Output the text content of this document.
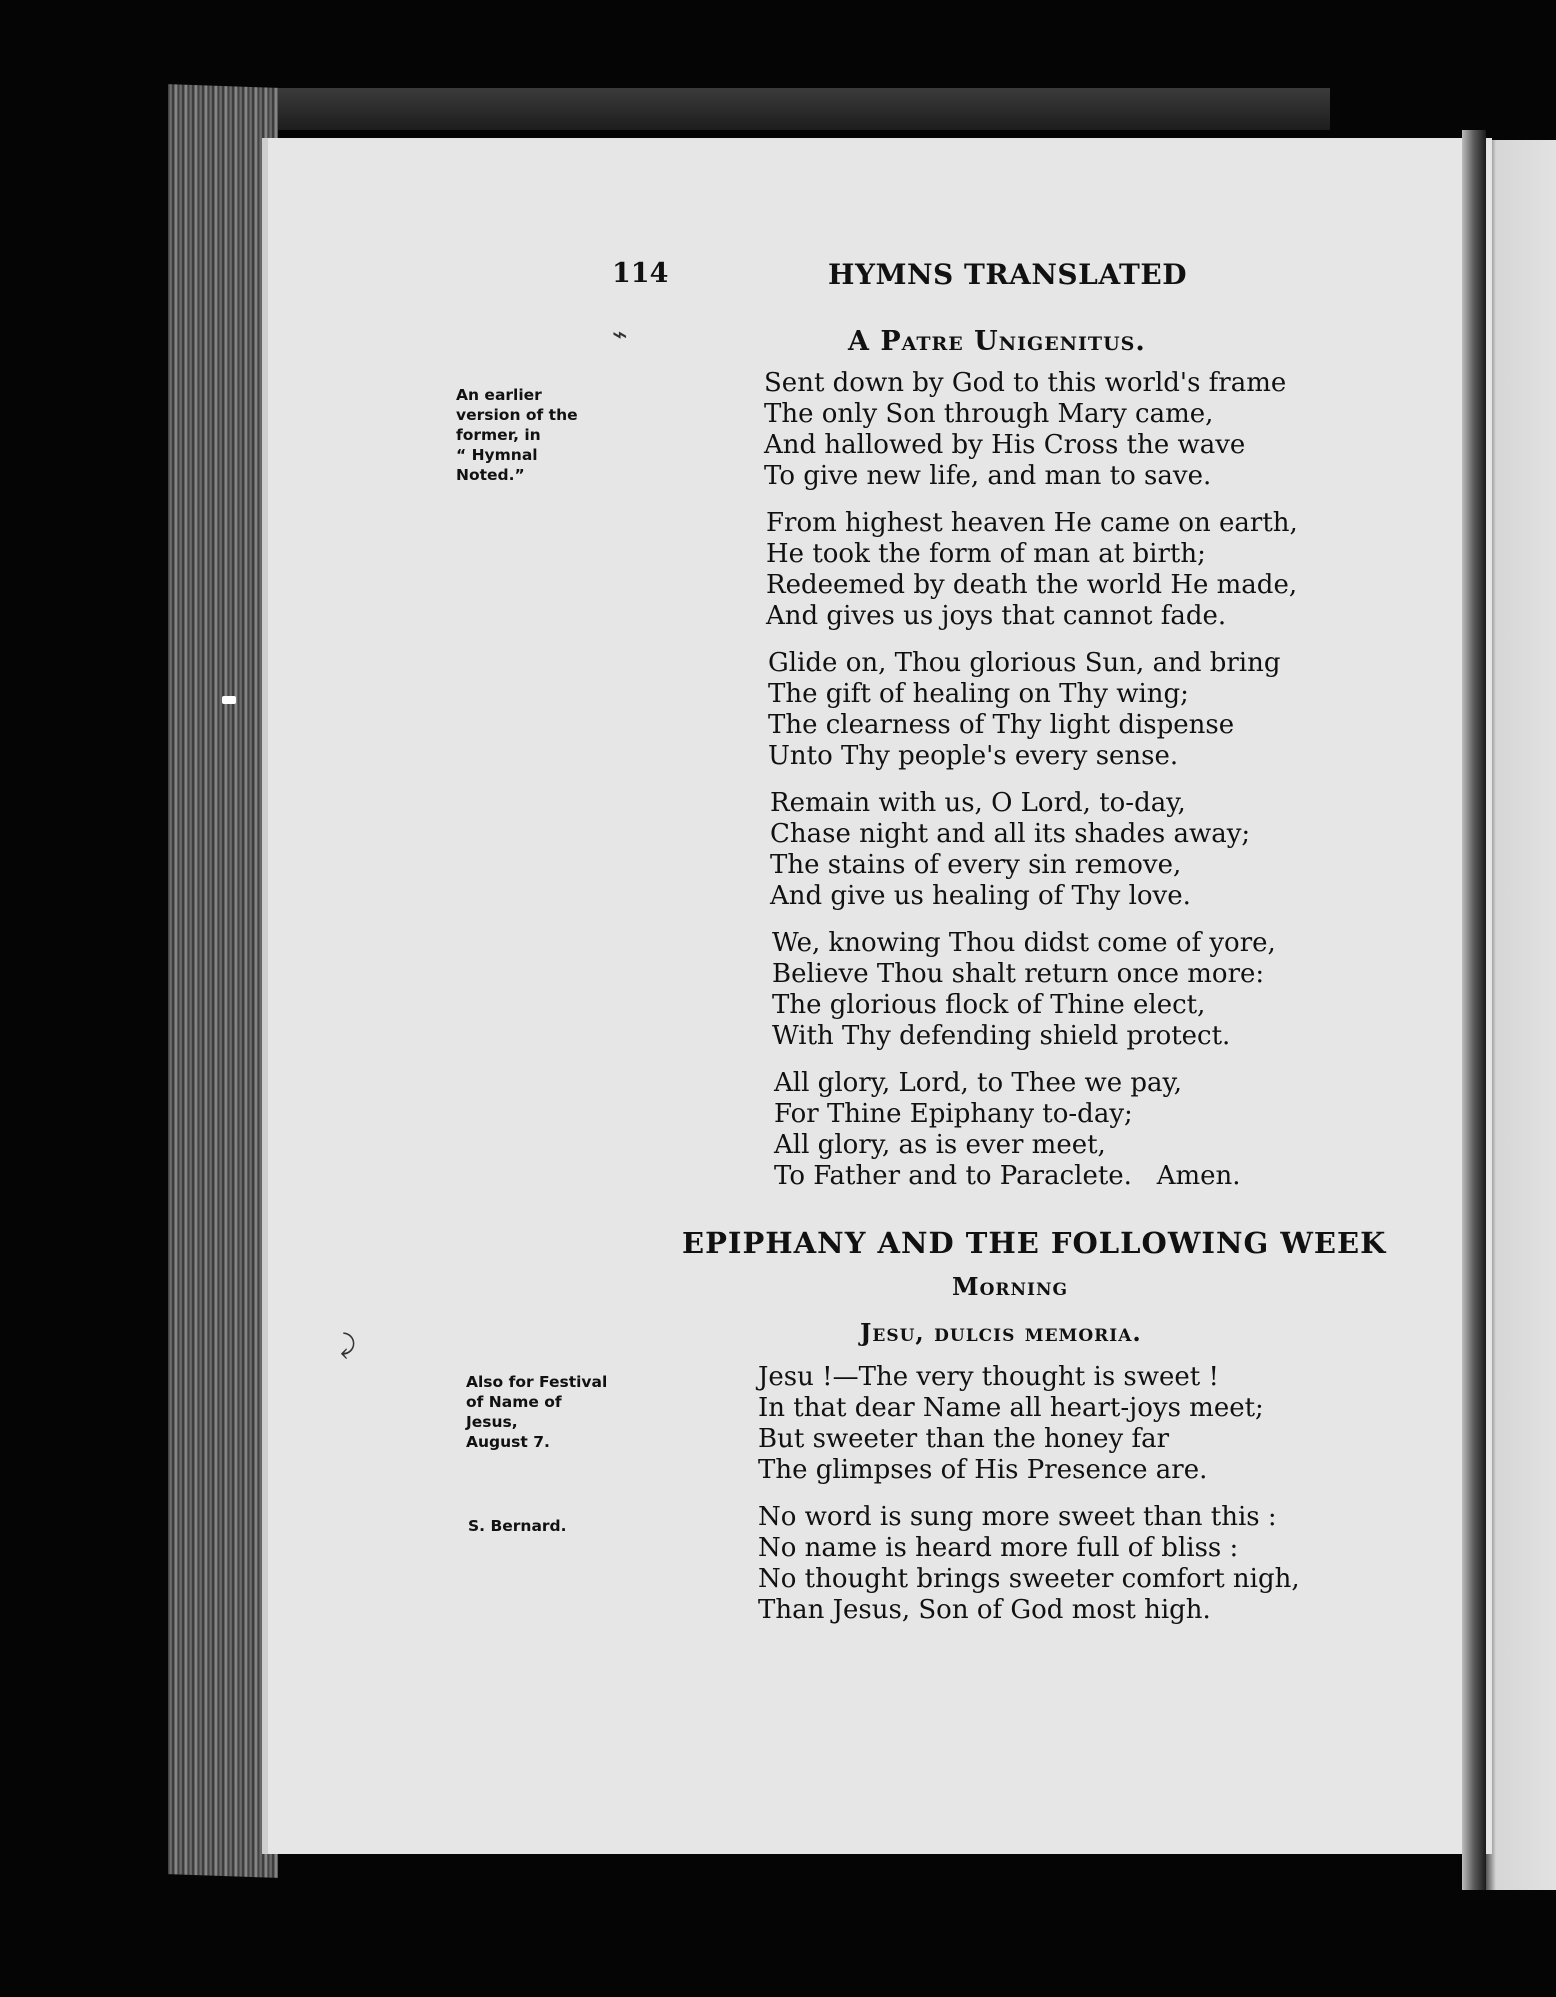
114	HYMNS TRANSLATED
⌁	A Patre Unigenitus.
An earlier
version of the
former, in
“ Hymnal
Noted.”
Sent down by God to this world's frame
The only Son through Mary came,
And hallowed by His Cross the wave
To give new life, and man to save.
From highest heaven He came on earth,
He took the form of man at birth;
Redeemed by death the world He made,
And gives us joys that cannot fade.
Glide on, Thou glorious Sun, and bring
The gift of healing on Thy wing;
The clearness of Thy light dispense
Unto Thy people's every sense.
Remain with us, O Lord, to-day,
Chase night and all its shades away;
The stains of every sin remove,
And give us healing of Thy love.
We, knowing Thou didst come of yore,
Believe Thou shalt return once more:
The glorious flock of Thine elect,
With Thy defending shield protect.
All glory, Lord, to Thee we pay,
For Thine Epiphany to-day;
All glory, as is ever meet,
To Father and to Paraclete.   Amen.
EPIPHANY AND THE FOLLOWING WEEK
Morning
⤸	Jesu, dulcis memoria.
Also for Festival
of Name of
Jesus,
August 7.
S. Bernard.
Jesu !—The very thought is sweet !
In that dear Name all heart-joys meet;
But sweeter than the honey far
The glimpses of His Presence are.
No word is sung more sweet than this :
No name is heard more full of bliss :
No thought brings sweeter comfort nigh,
Than Jesus, Son of God most high.
